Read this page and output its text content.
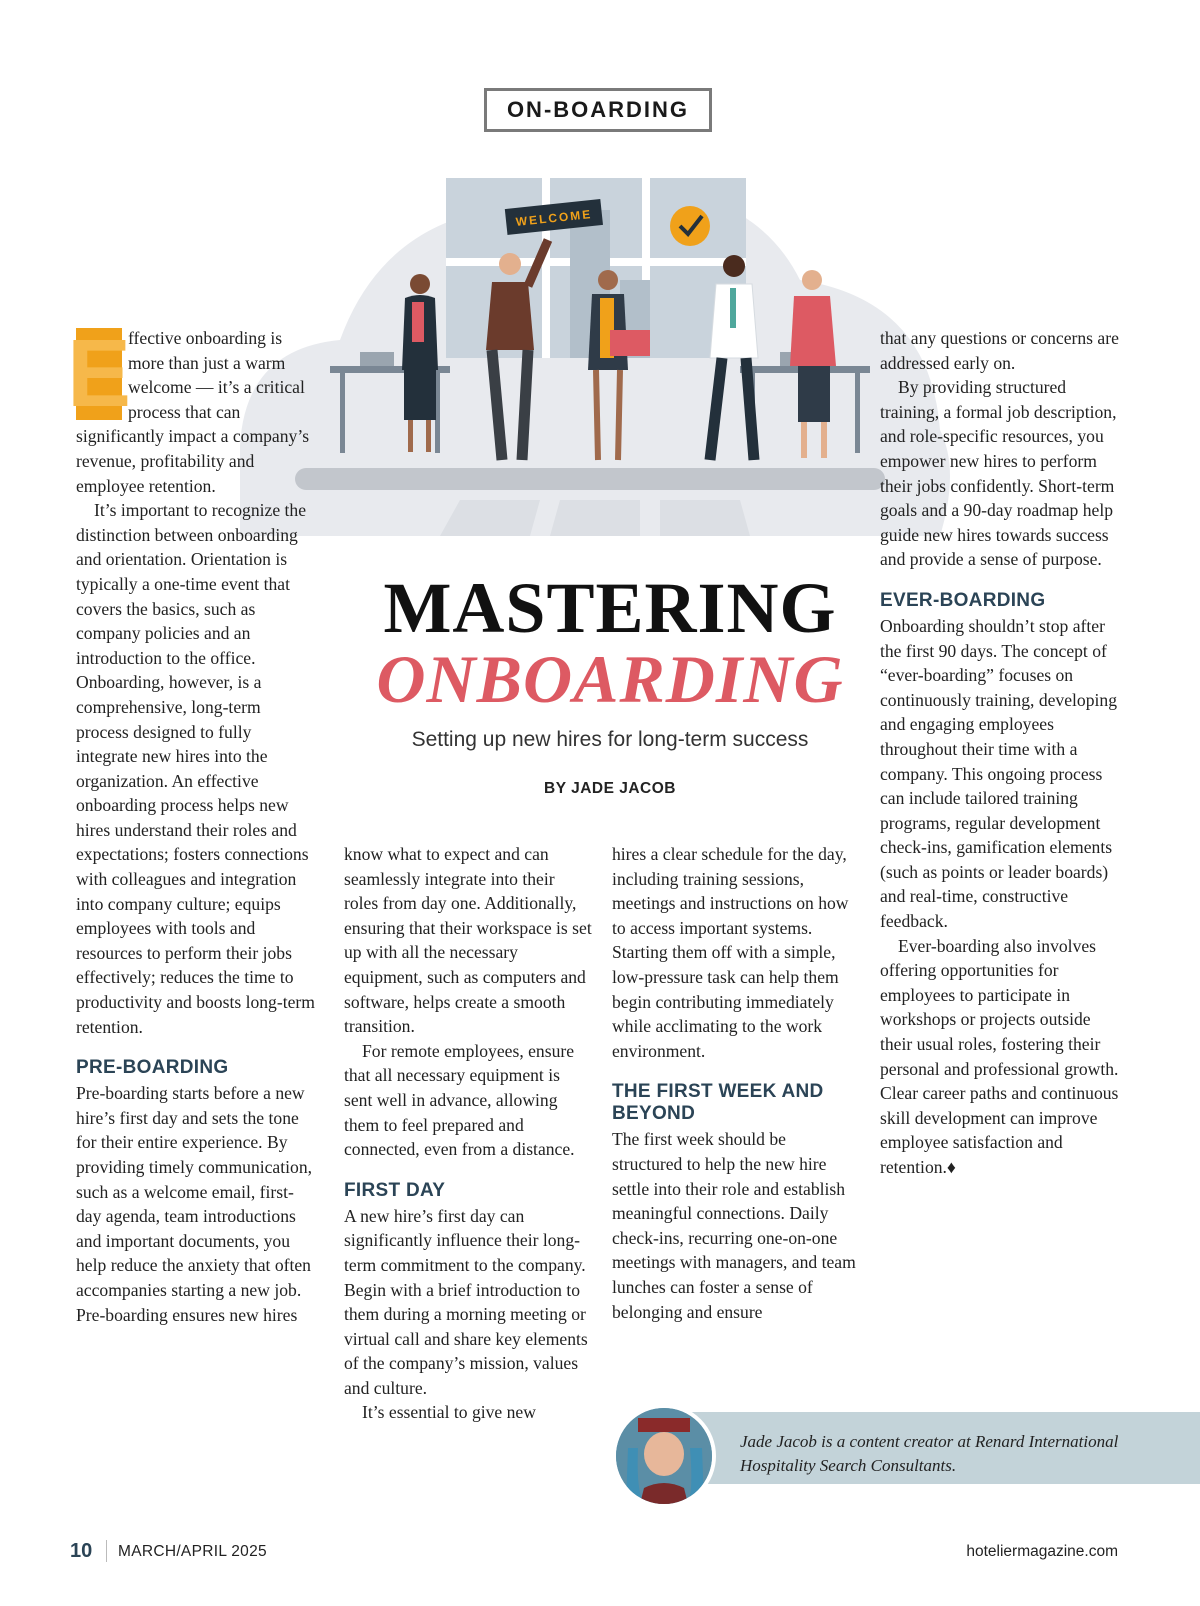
ON-BOARDING
WELCOME
E

ffective onboarding is more than just a warm welcome — it’s a critical process that can significantly impact a company’s revenue, profitability and employee retention.

It’s important to recognize the distinction between onboarding and orientation. Orientation is typically a one-time event that covers the basics, such as company policies and an introduction to the office. Onboarding, however, is a comprehensive, long-term process designed to fully integrate new hires into the organization. An effective onboarding process helps new hires understand their roles and expectations; fosters connections with colleagues and integration into company culture; equips employees with tools and resources to perform their jobs effectively; reduces the time to productivity and boosts long-term retention.

PRE-BOARDING

Pre-boarding starts before a new hire’s first day and sets the tone for their entire experience. By providing timely communication, such as a welcome email, first-day agenda, team introductions and important documents, you help reduce the anxiety that often accompanies starting a new job. Pre-boarding ensures new hires

MASTERING
ONBOARDING
Setting up new hires for long-term success
BY JADE JACOB

know what to expect and can seamlessly integrate into their roles from day one. Additionally, ensuring that their workspace is set up with all the necessary equipment, such as computers and software, helps create a smooth transition.

For remote employees, ensure that all necessary equipment is sent well in advance, allowing them to feel prepared and connected, even from a distance.

FIRST DAY

A new hire’s first day can significantly influence their long-term commitment to the company. Begin with a brief introduction to them during a morning meeting or virtual call and share key elements of the company’s mission, values and culture.

It’s essential to give new

hires a clear schedule for the day, including training sessions, meetings and instructions on how to access important systems. Starting them off with a simple, low-pressure task can help them begin contributing immediately while acclimating to the work environment.

THE FIRST WEEK AND BEYOND

The first week should be structured to help the new hire settle into their role and establish meaningful connections. Daily check-ins, recurring one-on-one meetings with managers, and team lunches can foster a sense of belonging and ensure

that any questions or concerns are addressed early on.

By providing structured training, a formal job description, and role-specific resources, you empower new hires to perform their jobs confidently. Short-term goals and a 90-day roadmap help guide new hires towards success and provide a sense of purpose.

EVER-BOARDING

Onboarding shouldn’t stop after the first 90 days. The concept of “ever-boarding” focuses on continuously training, developing and engaging employees throughout their time with a company. This ongoing process can include tailored training programs, regular development check-ins, gamification elements (such as points or leader boards) and real-time, constructive feedback.

Ever-boarding also involves offering opportunities for employees to participate in workshops or projects outside their usual roles, fostering their personal and professional growth. Clear career paths and continuous skill development can improve employee satisfaction and retention.♦

Jade Jacob is a content creator at Renard International Hospitality Search Consultants.
10 MARCH/APRIL 2025	hoteliermagazine.com
